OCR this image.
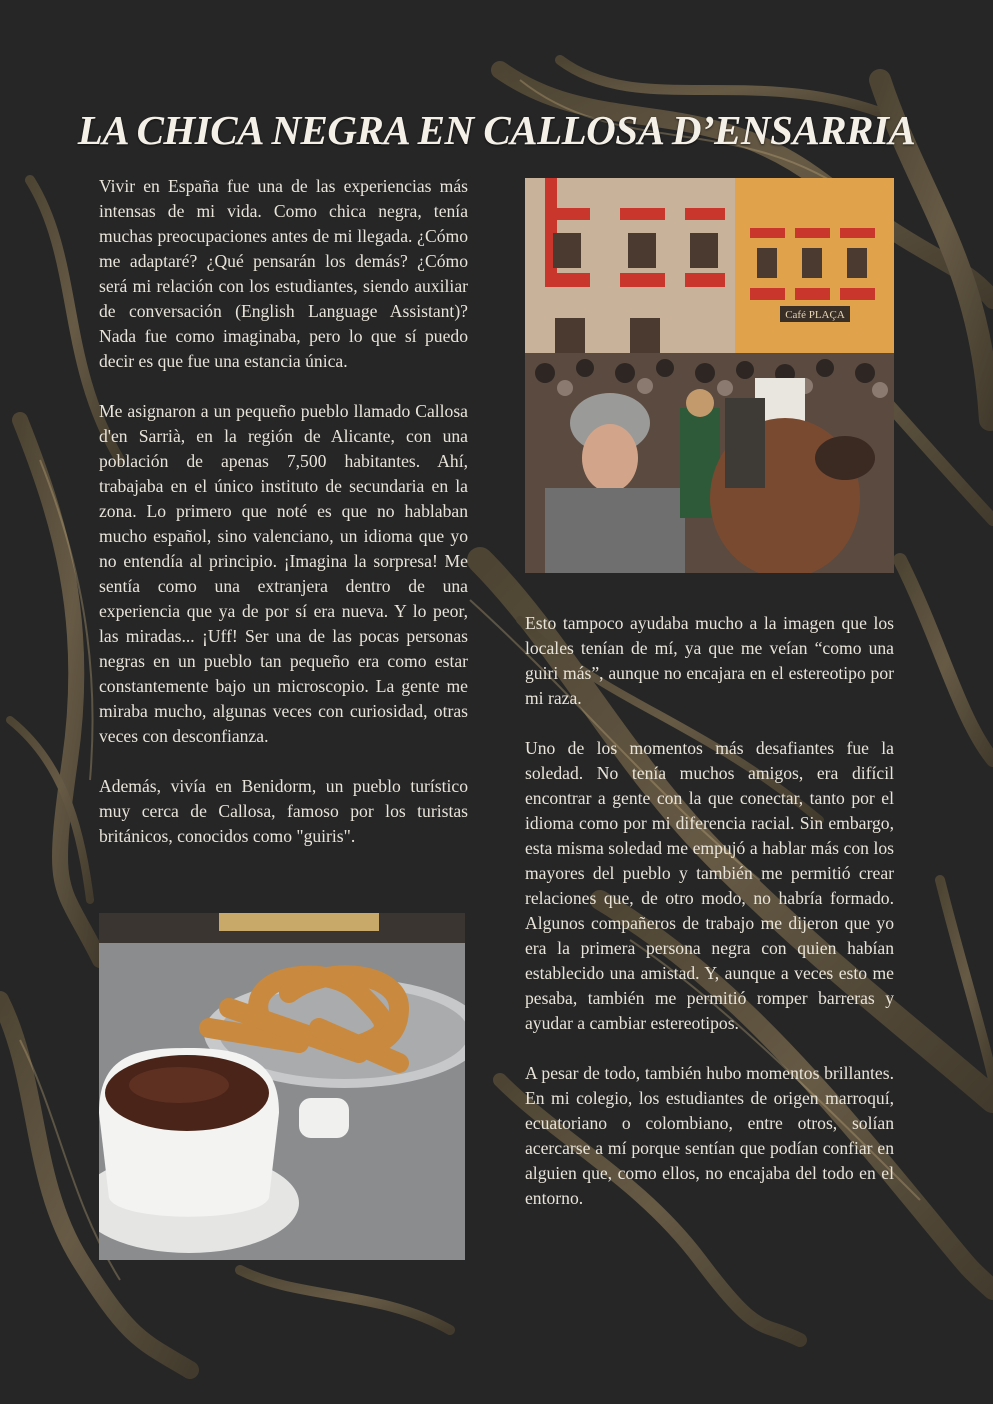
LA CHICA NEGRA EN CALLOSA D’ENSARRIA

Vivir en España fue una de las experiencias más intensas de mi vida. Como chica negra, tenía muchas preocupaciones antes de mi llegada. ¿Cómo me adaptaré? ¿Qué pensarán los demás? ¿Cómo será mi relación con los estudiantes, siendo auxiliar de conversación (English Language Assistant)? Nada fue como imaginaba, pero lo que sí puedo decir es que fue una estancia única.

Me asignaron a un pequeño pueblo llamado Callosa d'en Sarrià, en la región de Alicante, con una población de apenas 7,500 habitantes. Ahí, trabajaba en el único instituto de secundaria en la zona. Lo primero que noté es que no hablaban mucho español, sino valenciano, un idioma que yo no entendía al principio. ¡Imagina la sorpresa! Me sentía como una extranjera dentro de una experiencia que ya de por sí era nueva. Y lo peor, las miradas... ¡Uff! Ser una de las pocas personas negras en un pueblo tan pequeño era como estar constantemente bajo un microscopio. La gente me miraba mucho, algunas veces con curiosidad, otras veces con desconfianza.

Además, vivía en Benidorm, un pueblo turístico muy cerca de Callosa, famoso por los turistas británicos, conocidos como "guiris".

Café PLAÇA

Esto tampoco ayudaba mucho a la imagen que los locales tenían de mí, ya que me veían “como una guiri más”, aunque no encajara en el estereotipo por mi raza.

Uno de los momentos más desafiantes fue la soledad. No tenía muchos amigos, era difícil encontrar a gente con la que conectar, tanto por el idioma como por mi diferencia racial. Sin embargo, esta misma soledad me empujó a hablar más con los mayores del pueblo y también me permitió crear relaciones que, de otro modo, no habría formado. Algunos compañeros de trabajo me dijeron que yo era la primera persona negra con quien habían establecido una amistad. Y, aunque a veces esto me pesaba, también me permitió romper barreras y ayudar a cambiar estereotipos.

A pesar de todo, también hubo momentos brillantes. En mi colegio, los estudiantes de origen marroquí, ecuatoriano o colombiano, entre otros, solían acercarse a mí porque sentían que podían confiar en alguien que, como ellos, no encajaba del todo en el entorno.
